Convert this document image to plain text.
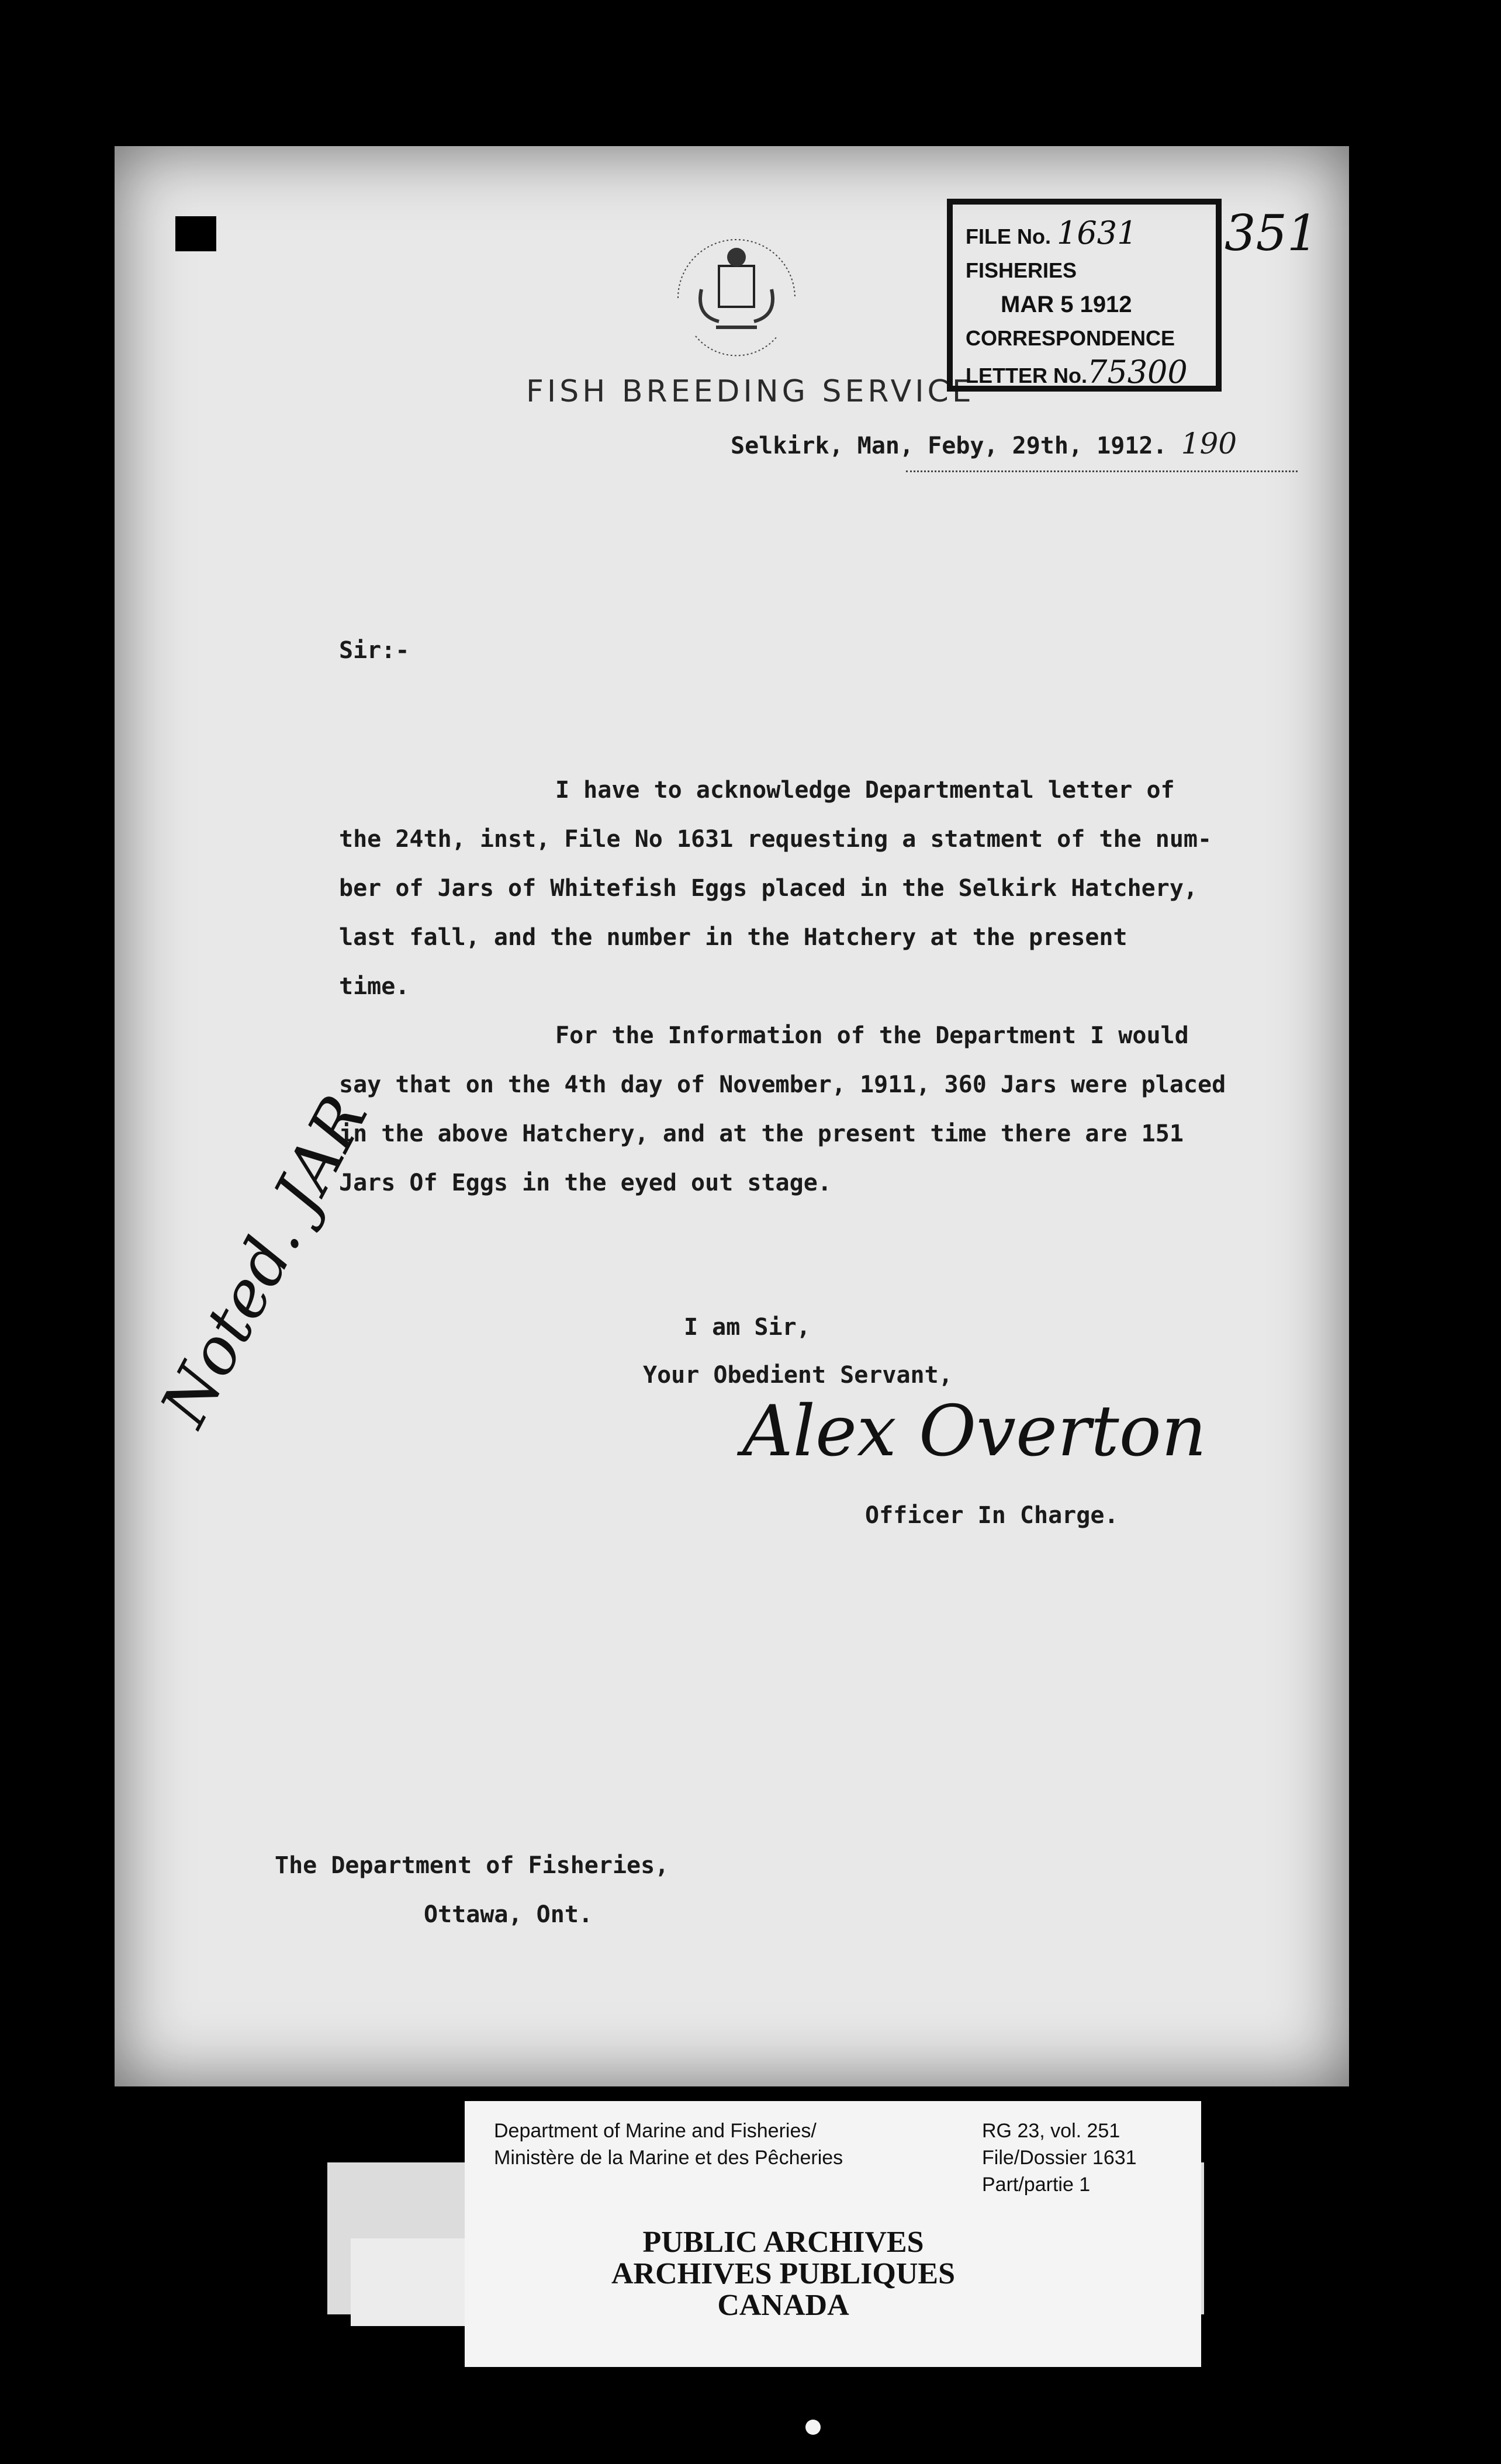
FISH BREEDING SERVICE
FILE No. 1631
FISHERIES
MAR 5 1912
CORRESPONDENCE
LETTER No.75300
351
Selkirk, Man, Feby, 29th, 1912. 190
Sir:-

I have to acknowledge Departmental letter of

the 24th, inst, File No 1631 requesting a statment of the num-

ber of Jars of Whitefish Eggs placed in the Selkirk Hatchery,

last fall, and the number in the Hatchery at the present

time.

For the Information of the Department I would

say that on the 4th day of November, 1911, 360 Jars were placed

in the above Hatchery, and at the present time there are 151

Jars Of Eggs in the eyed out stage.

I am Sir,
Your Obedient Servant,
Alex Overton
Officer In Charge.
Noted. JAR
The Department of Fisheries,
Ottawa, Ont.
Department of Marine and Fisheries/
Ministère de la Marine et des Pêcheries
RG 23, vol. 251
File/Dossier 1631
Part/partie 1
PUBLIC ARCHIVES
ARCHIVES PUBLIQUES
CANADA
